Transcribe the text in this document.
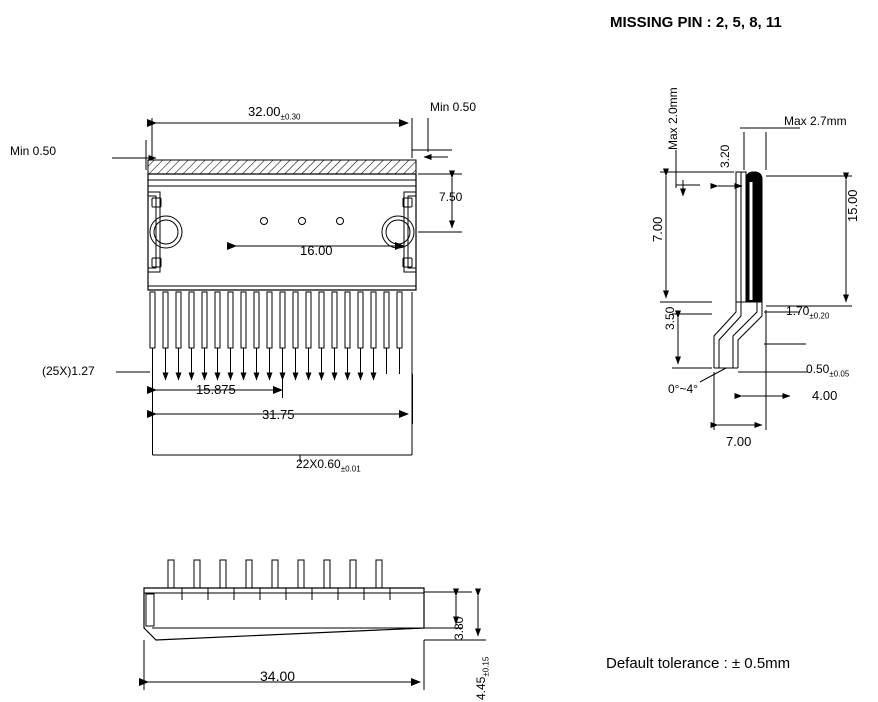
MISSING PIN : 2, 5, 8, 11
Default tolerance : ± 0.5mm
$32.00_{\pm 0.30}$
Min 0.50
Min 0.50
7.50
16.00
(25X)1.27
15.875
31.75
$22X0.60_{\pm 0.01}$
Max 2.0mm	Max 2.7mm
3.20
15.00
7.00
3.50	$1.70_{\pm 0.20}$
$0.50_{\pm 0.05}$
0°~4°	4.00
7.00
34.00
3.80
$4.45_{\pm 0.15}$
